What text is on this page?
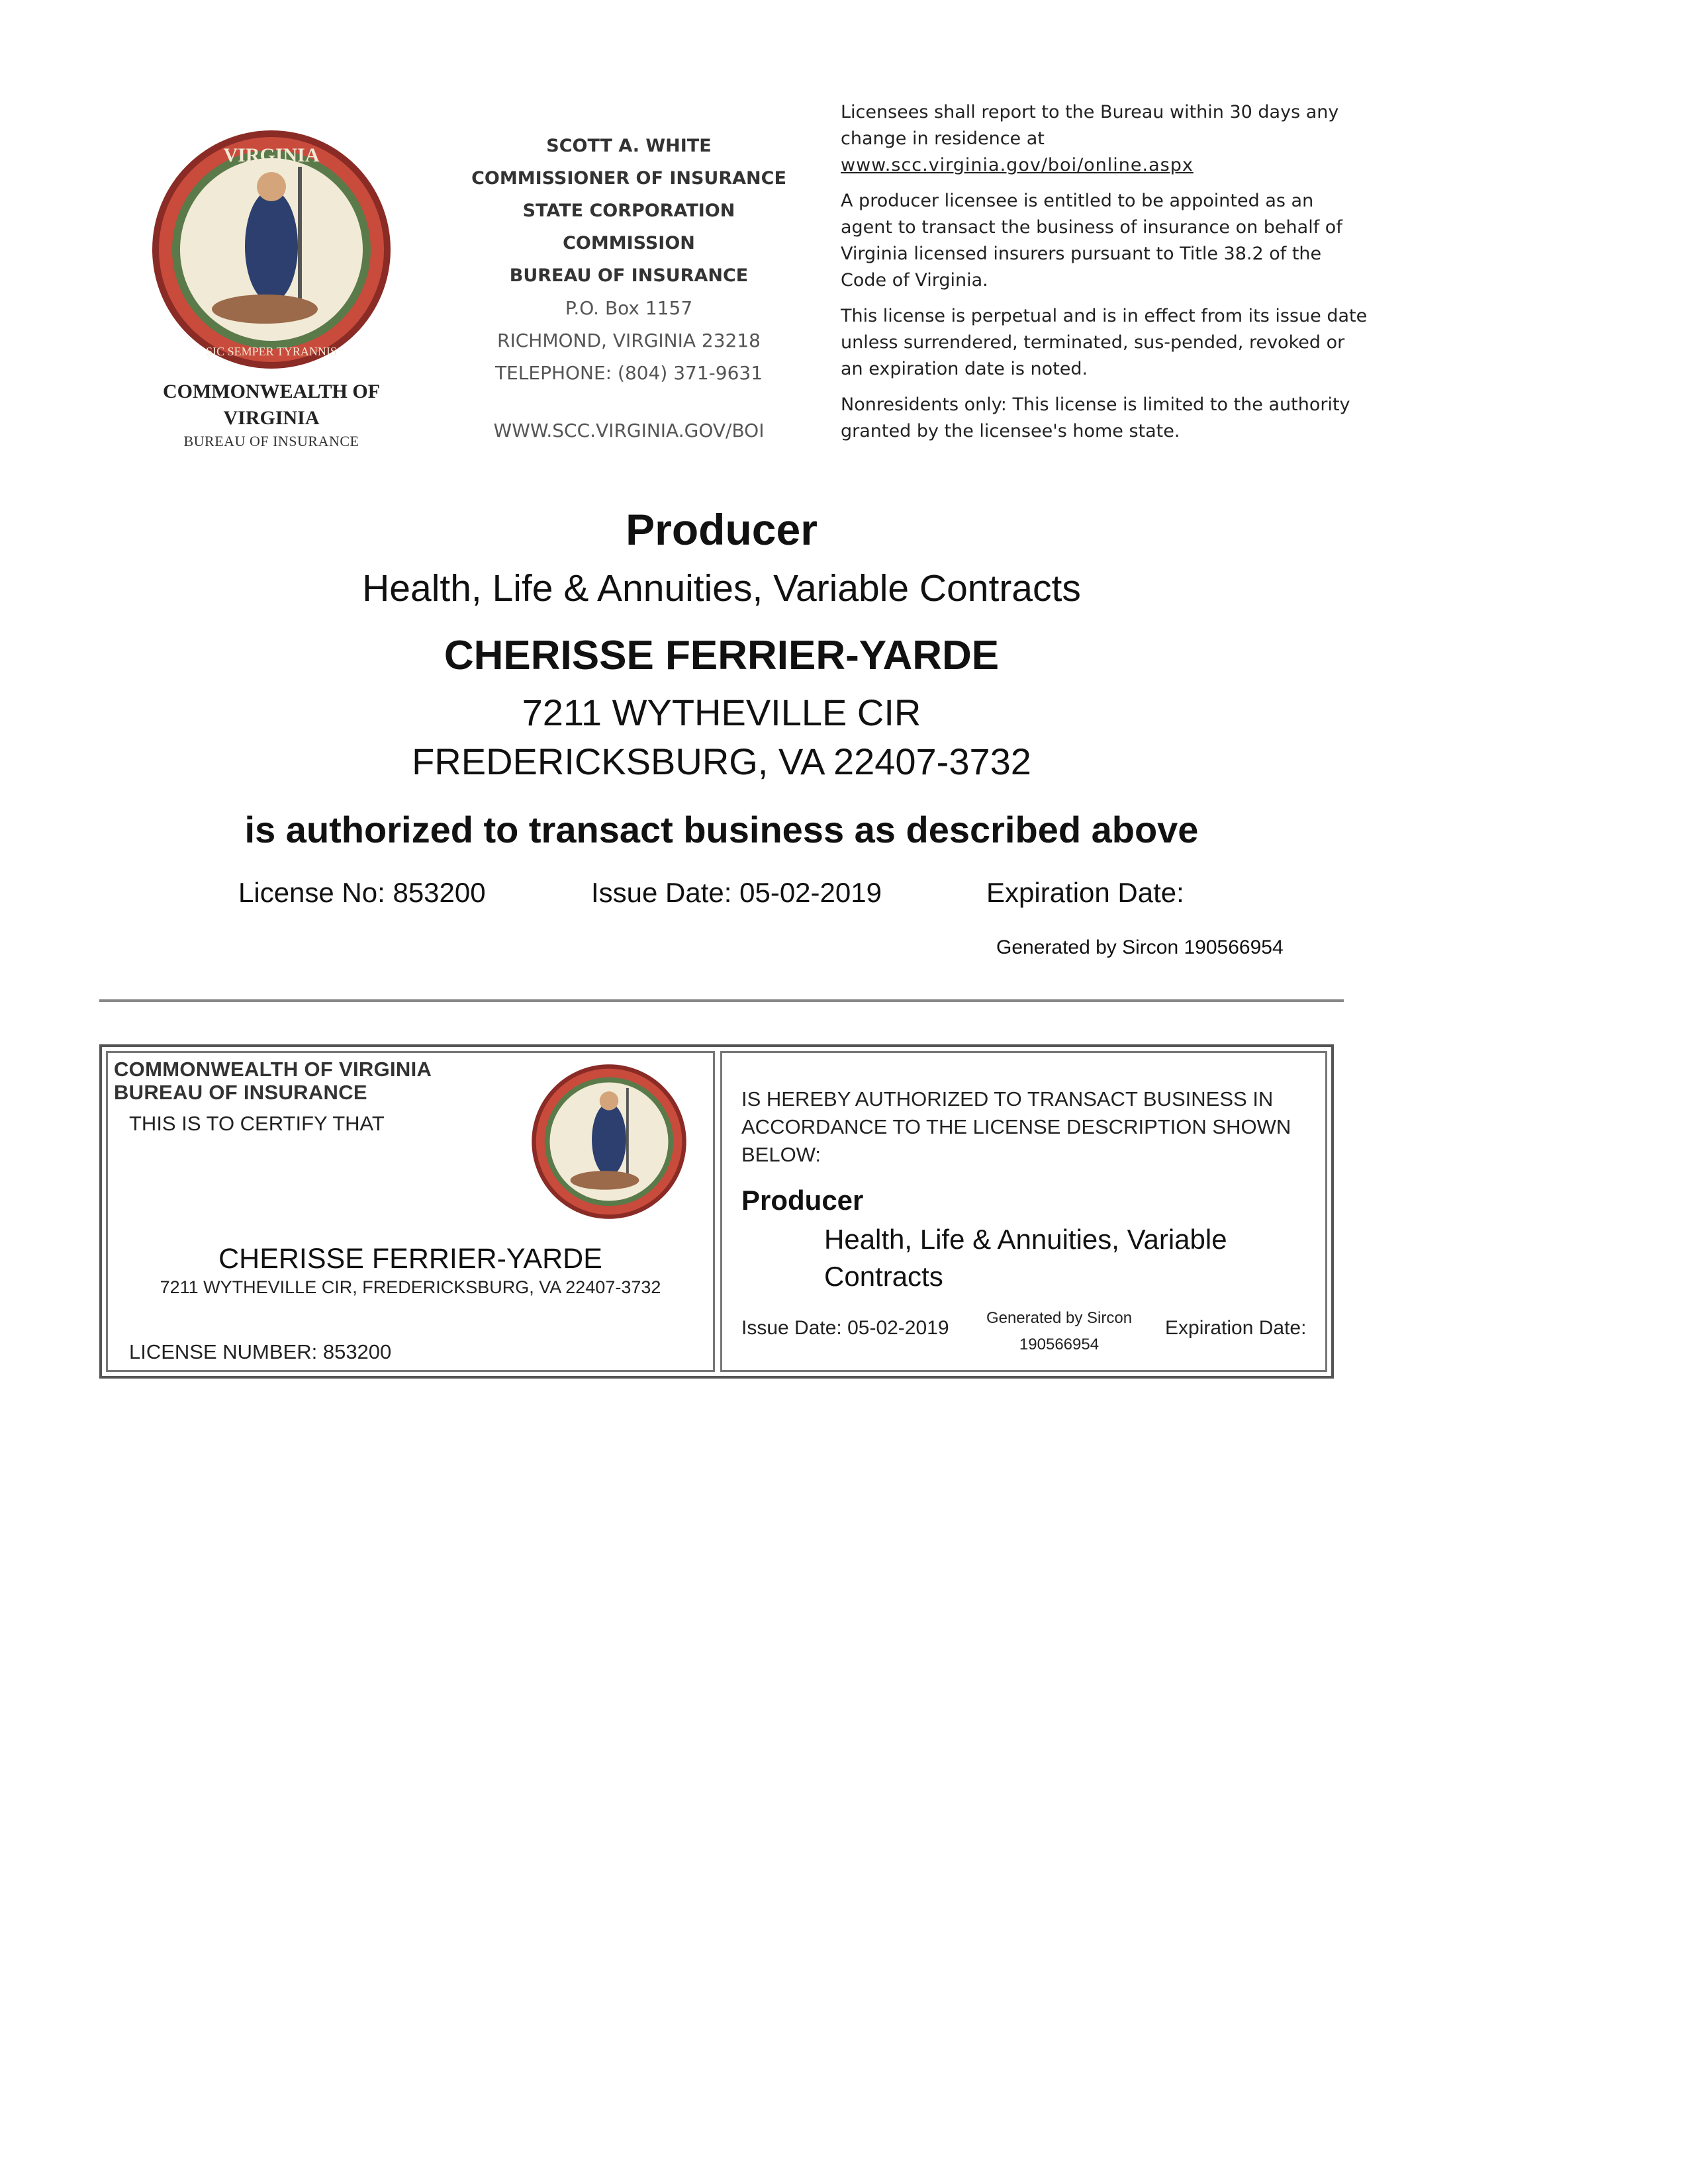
VIRGINIA
SIC SEMPER TYRANNIS
COMMONWEALTH OF
VIRGINIA
BUREAU OF INSURANCE
SCOTT A. WHITE
COMMISSIONER OF INSURANCE
STATE CORPORATION
COMMISSION
BUREAU OF INSURANCE
P.O. Box 1157
RICHMOND, VIRGINIA 23218
TELEPHONE: (804) 371-9631
WWW.SCC.VIRGINIA.GOV/BOI

Licensees shall report to the Bureau within 30 days any change in residence at
www.scc.virginia.gov/boi/online.aspx

A producer licensee is entitled to be appointed as an agent to transact the business of insurance on behalf of Virginia licensed insurers pursuant to Title 38.2 of the Code of Virginia.

This license is perpetual and is in effect from its issue date unless surrendered, terminated, sus-pended, revoked or an expiration date is noted.

Nonresidents only: This license is limited to the authority granted by the licensee's home state.

Producer
Health, Life & Annuities, Variable Contracts
CHERISSE FERRIER-YARDE
7211 WYTHEVILLE CIR
FREDERICKSBURG, VA 22407-3732
is authorized to transact business as described above
License No: 853200	Issue Date: 05-02-2019	Expiration Date:
Generated by Sircon 190566954
COMMONWEALTH OF VIRGINIA
BUREAU OF INSURANCE
THIS IS TO CERTIFY THAT
CHERISSE FERRIER-YARDE
7211 WYTHEVILLE CIR, FREDERICKSBURG, VA 22407-3732
LICENSE NUMBER: 853200
IS HEREBY AUTHORIZED TO TRANSACT BUSINESS IN ACCORDANCE TO THE LICENSE DESCRIPTION SHOWN BELOW:
Producer
Health, Life & Annuities, Variable Contracts
Issue Date: 05-02-2019	Generated by Sircon
190566954
Expiration Date:
